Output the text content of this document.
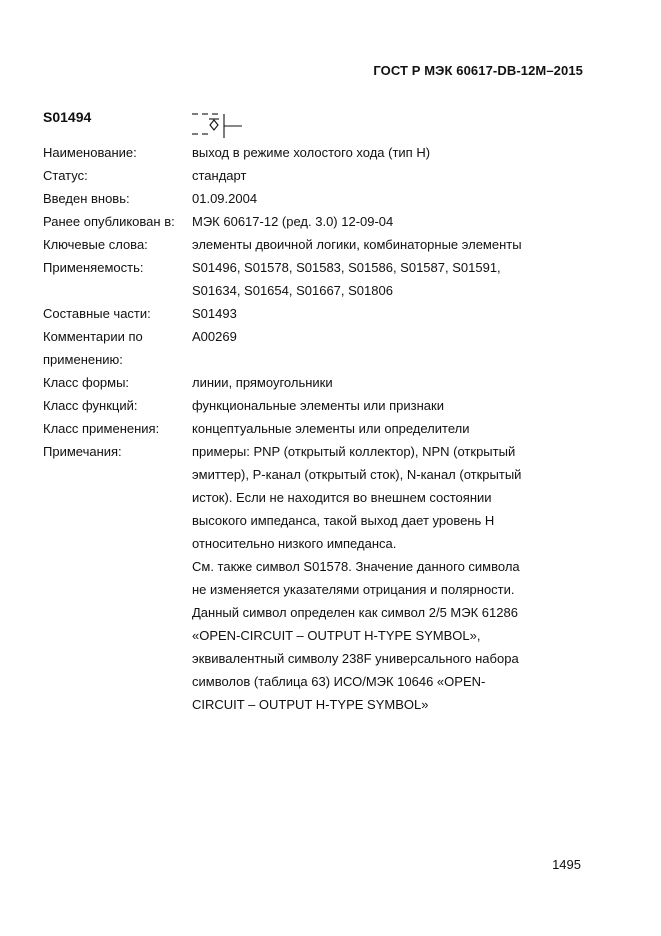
ГОСТ Р МЭК 60617-DB-12M–2015
S01494
Наименование:	выход в режиме холостого хода (тип Н)
Статус:	стандарт
Введен вновь:	01.09.2004
Ранее опубликован в:	МЭК 60617-12 (ред. 3.0) 12-09-04
Ключевые слова:	элементы двоичной логики, комбинаторные элементы
Применяемость:	S01496, S01578, S01583, S01586, S01587, S01591,
S01634, S01654, S01667, S01806
Составные части:	S01493
Комментарии по
применению:
A00269
Класс формы:	линии, прямоугольники
Класс функций:	функциональные элементы или признаки
Класс применения:	концептуальные элементы или определители
Примечания:	примеры: PNP (открытый коллектор), NPN (открытый
эмиттер), P-канал (открытый сток), N-канал (открытый
исток). Если не находится во внешнем состоянии
высокого импеданса, такой выход дает уровень Н
относительно низкого импеданса.
См. также символ S01578. Значение данного символа
не изменяется указателями отрицания и полярности.
Данный символ определен как символ 2/5 МЭК 61286
«OPEN-CIRCUIT – OUTPUT H-TYPE SYMBOL»,
эквивалентный символу 238F универсального набора
символов (таблица 63) ИСО/МЭК 10646 «OPEN-
CIRCUIT – OUTPUT H-TYPE SYMBOL»
1495
